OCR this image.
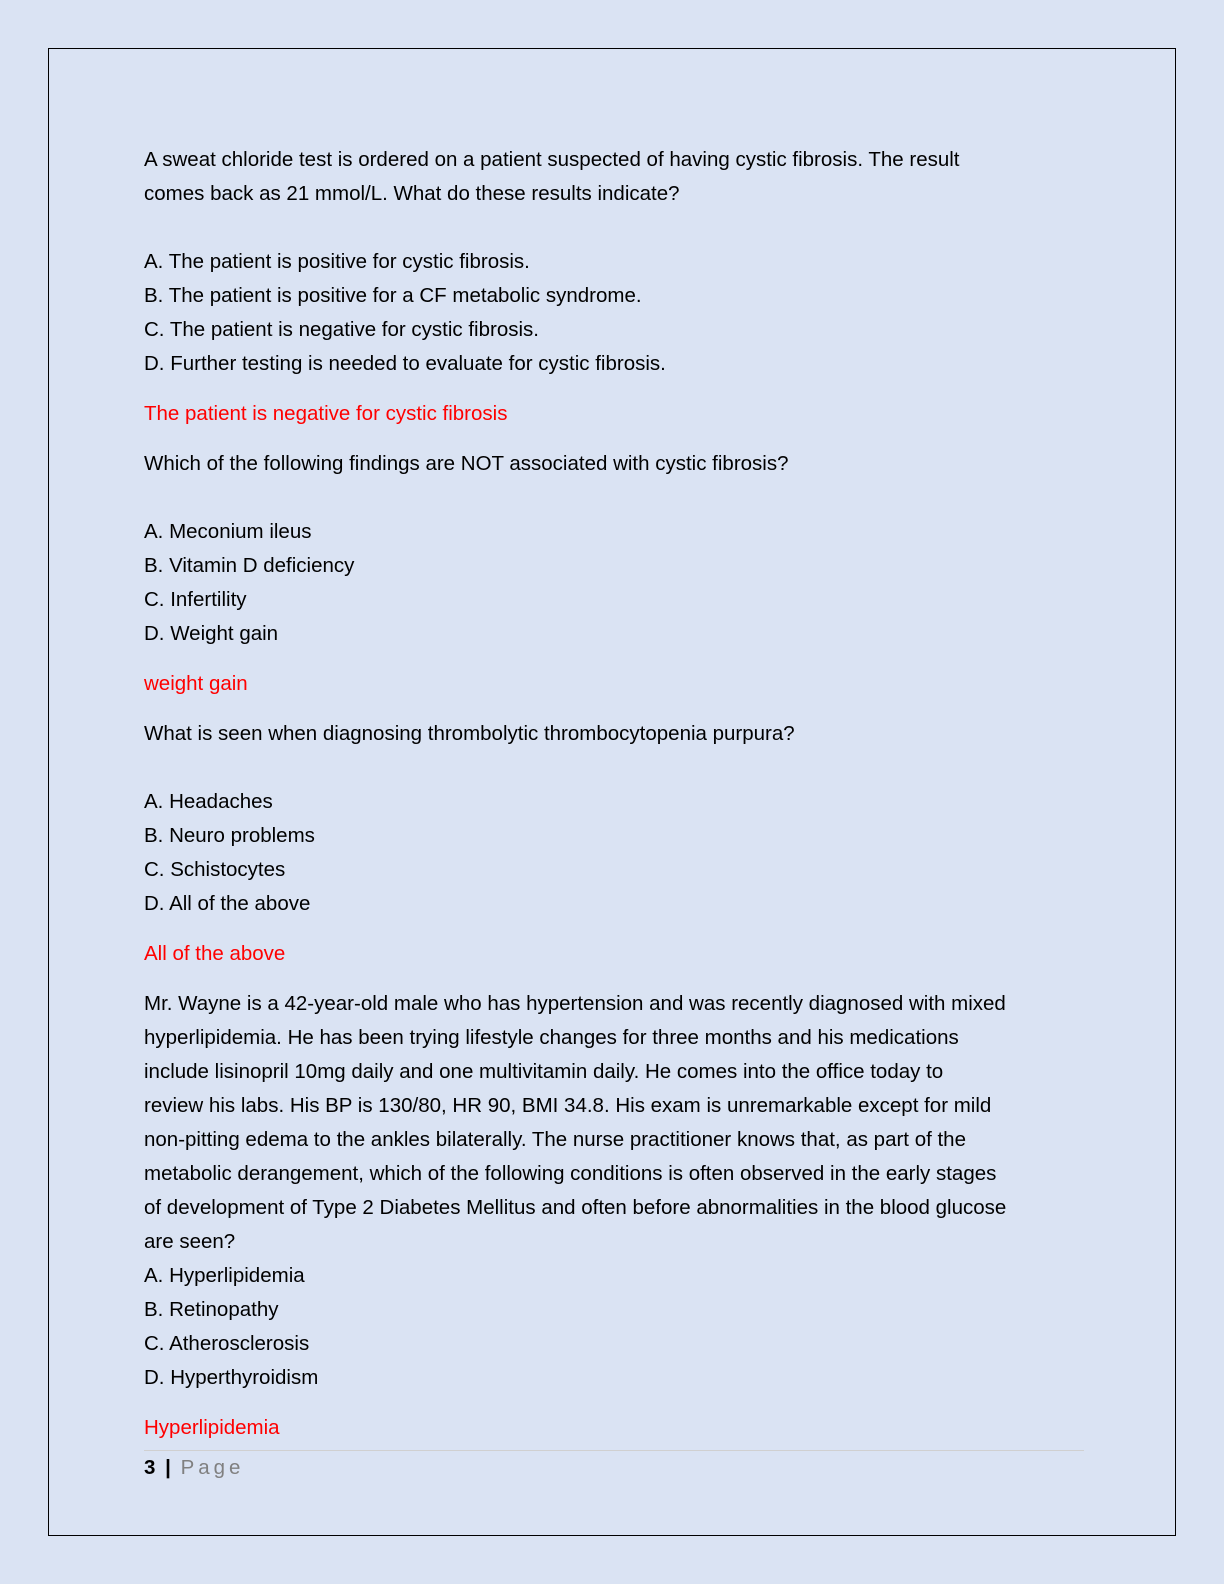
A sweat chloride test is ordered on a patient suspected of having cystic fibrosis. The result
comes back as 21 mmol/L. What do these results indicate?
A. The patient is positive for cystic fibrosis.
B. The patient is positive for a CF metabolic syndrome.
C. The patient is negative for cystic fibrosis.
D. Further testing is needed to evaluate for cystic fibrosis.
The patient is negative for cystic fibrosis
Which of the following findings are NOT associated with cystic fibrosis?
A. Meconium ileus
B. Vitamin D deficiency
C. Infertility
D. Weight gain
weight gain
What is seen when diagnosing thrombolytic thrombocytopenia purpura?
A. Headaches
B. Neuro problems
C. Schistocytes
D. All of the above
All of the above
Mr. Wayne is a 42-year-old male who has hypertension and was recently diagnosed with mixed
hyperlipidemia. He has been trying lifestyle changes for three months and his medications
include lisinopril 10mg daily and one multivitamin daily. He comes into the office today to
review his labs. His BP is 130/80, HR 90, BMI 34.8. His exam is unremarkable except for mild
non-pitting edema to the ankles bilaterally. The nurse practitioner knows that, as part of the
metabolic derangement, which of the following conditions is often observed in the early stages
of development of Type 2 Diabetes Mellitus and often before abnormalities in the blood glucose
are seen?
A. Hyperlipidemia
B. Retinopathy
C. Atherosclerosis
D. Hyperthyroidism
Hyperlipidemia
3 | Page
